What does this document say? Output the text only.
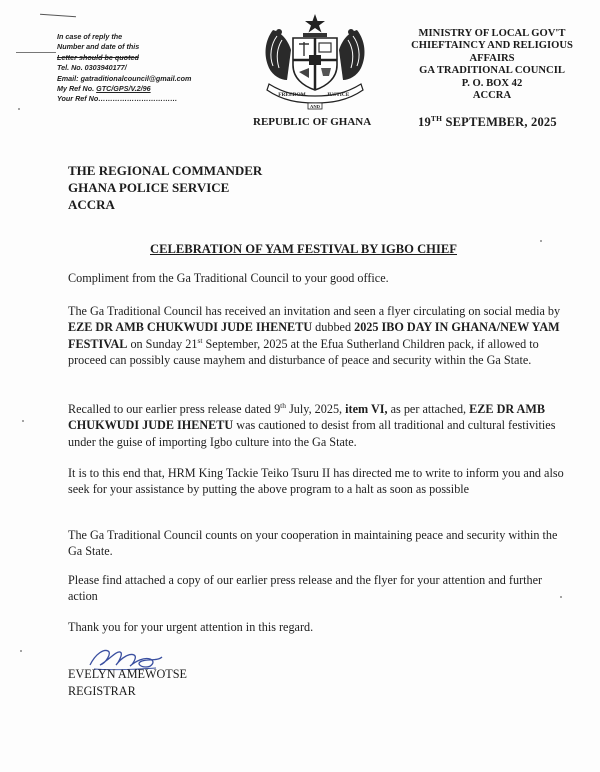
In case of reply the
Number and date of this
Letter should be quoted
Tel. No. 0303940177/
Email: gatraditionalcouncil@gmail.com
My Ref No. GTC/GPS/V.2/96
Your Ref No……………………………	FREEDOM	JUSTICE
AND
MINISTRY OF LOCAL GOV'T
CHIEFTAINCY AND RELIGIOUS
AFFAIRS
GA TRADITIONAL COUNCIL
P. O. BOX 42
ACCRA
REPUBLIC OF GHANA	19TH SEPTEMBER, 2025
THE REGIONAL COMMANDER
GHANA POLICE SERVICE
ACCRA
CELEBRATION OF YAM FESTIVAL BY IGBO CHIEF
Compliment from the Ga Traditional Council to your good office.
The Ga Traditional Council has received an invitation and seen a flyer circulating on social media by EZE DR AMB CHUKWUDI JUDE IHENETU dubbed 2025 IBO DAY IN GHANA/NEW YAM FESTIVAL on Sunday 21st September, 2025 at the Efua Sutherland Children pack, if allowed to proceed can possibly cause mayhem and disturbance of peace and security within the Ga State.
Recalled to our earlier press release dated 9th July, 2025, item VI, as per attached, EZE DR AMB CHUKWUDI JUDE IHENETU was cautioned to desist from all traditional and cultural festivities under the guise of importing Igbo culture into the Ga State.
It is to this end that, HRM King Tackie Teiko Tsuru II has directed me to write to inform you and also seek for your assistance by putting the above program to a halt as soon as possible
The Ga Traditional Council counts on your cooperation in maintaining peace and security within the Ga State.
Please find attached a copy of our earlier press release and the flyer for your attention and further action
Thank you for your urgent attention in this regard.
EVELYN AMEWOTSE
REGISTRAR
